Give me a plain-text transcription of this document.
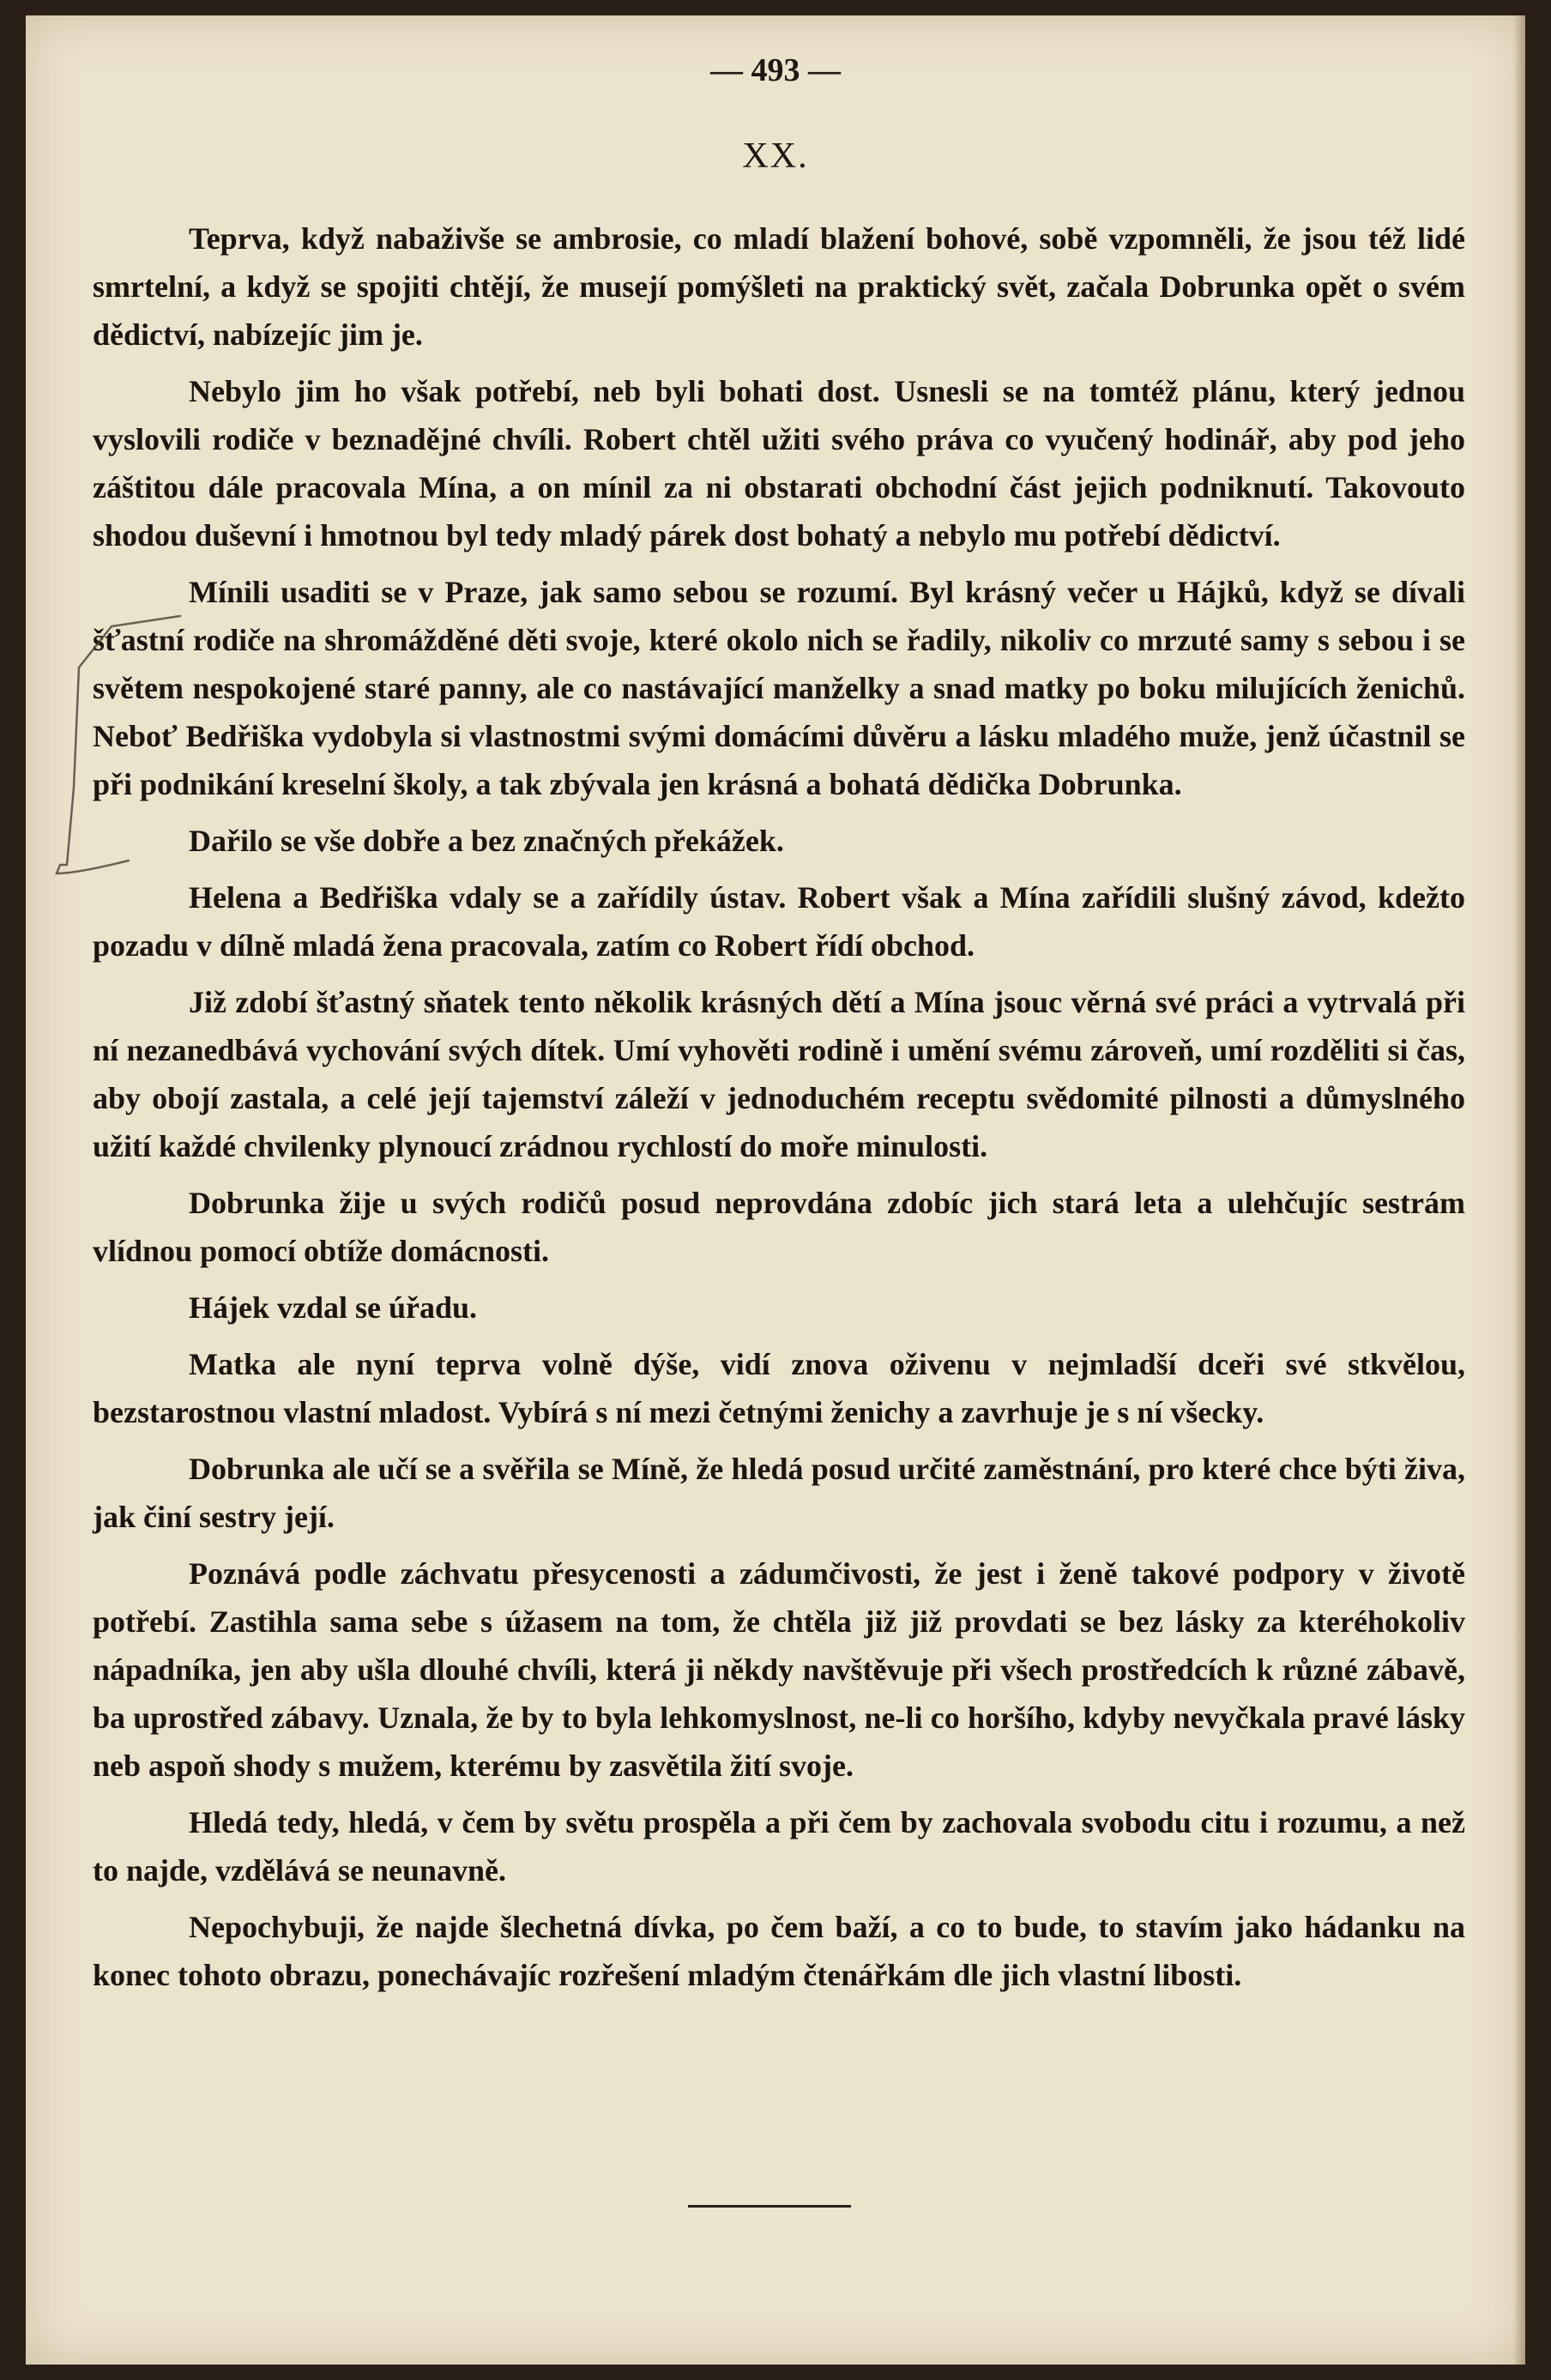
— 493 —
XX.

Teprva, když nabaživše se ambrosie, co mladí blažení bohové, sobě vzpomněli, že jsou též lidé smrtelní, a když se spojiti chtějí, že musejí pomýšleti na praktický svět, začala Dobrunka opět o svém dědictví, nabízejíc jim je.

Nebylo jim ho však potřebí, neb byli bohati dost. Usnesli se na tomtéž plánu, který jednou vyslovili rodiče v beznadějné chvíli. Robert chtěl užiti svého práva co vyučený hodinář, aby pod jeho záštitou dále pracovala Mína, a on mínil za ni obstarati obchodní část jejich podniknutí. Takovouto shodou duševní i hmotnou byl tedy mladý párek dost bohatý a nebylo mu potřebí dědictví.

Mínili usaditi se v Praze, jak samo sebou se rozumí. Byl krásný večer u Hájků, když se dívali šťastní rodiče na shromážděné děti svoje, které okolo nich se řadily, nikoliv co mrzuté samy s sebou i se světem nespokojené staré panny, ale co nastávající manželky a snad matky po boku milujících ženichů. Neboť Bedřiška vydobyla si vlastnostmi svými domácími důvěru a lásku mladého muže, jenž účastnil se při podnikání kreselní školy, a tak zbývala jen krásná a bohatá dědička Dobrunka.

Dařilo se vše dobře a bez značných překážek.

Helena a Bedřiška vdaly se a zařídily ústav. Robert však a Mína zařídili slušný závod, kdežto pozadu v dílně mladá žena pracovala, zatím co Robert řídí obchod.

Již zdobí šťastný sňatek tento několik krásných dětí a Mína jsouc věrná své práci a vytrvalá při ní nezanedbává vychování svých dítek. Umí vyhověti rodině i umění svému zároveň, umí rozděliti si čas, aby obojí zastala, a celé její tajemství záleží v jednoduchém receptu svědomité pilnosti a důmyslného užití každé chvilenky plynoucí zrádnou rychlostí do moře minulosti.

Dobrunka žije u svých rodičů posud neprovdána zdobíc jich stará leta a ulehčujíc sestrám vlídnou pomocí obtíže domácnosti.

Hájek vzdal se úřadu.

Matka ale nyní teprva volně dýše, vidí znova oživenu v nejmladší dceři své stkvělou, bezstarostnou vlastní mladost. Vybírá s ní mezi četnými ženichy a zavrhuje je s ní všecky.

Dobrunka ale učí se a svěřila se Míně, že hledá posud určité zaměstnání, pro které chce býti živa, jak činí sestry její.

Poznává podle záchvatu přesycenosti a zádumčivosti, že jest i ženě takové podpory v životě potřebí. Zastihla sama sebe s úžasem na tom, že chtěla již již provdati se bez lásky za kteréhokoliv nápadníka, jen aby ušla dlouhé chvíli, která ji někdy navštěvuje při všech prostředcích k různé zábavě, ba uprostřed zábavy. Uznala, že by to byla lehkomyslnost, ne-li co horšího, kdyby nevyčkala pravé lásky neb aspoň shody s mužem, kterému by zasvětila žití svoje.

Hledá tedy, hledá, v čem by světu prospěla a při čem by zachovala svobodu citu i rozumu, a než to najde, vzdělává se neunavně.

Nepochybuji, že najde šlechetná dívka, po čem baží, a co to bude, to stavím jako hádanku na konec tohoto obrazu, ponechávajíc rozřešení mladým čtenářkám dle jich vlastní libosti.
